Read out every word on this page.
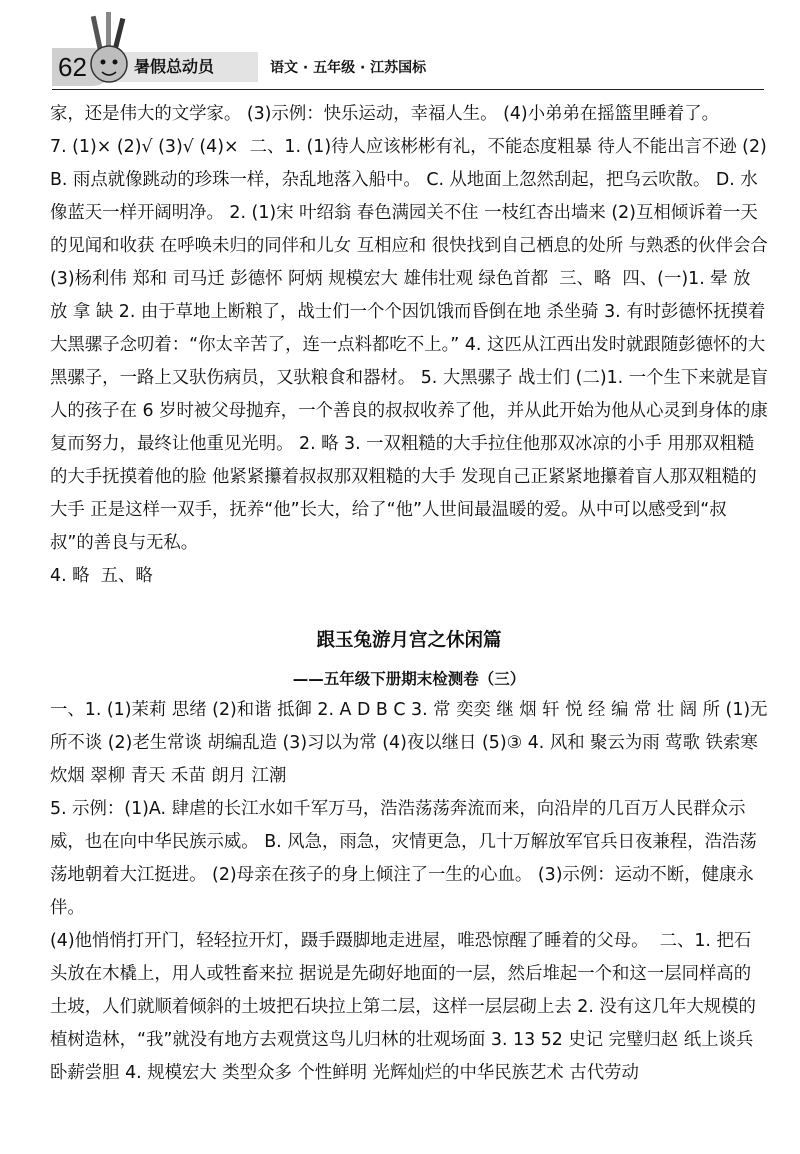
62	暑假总动员	语文 · 五年级 · 江苏国标

家，还是伟大的文学家。 (3)示例：快乐运动，幸福人生。 (4)小弟弟在摇篮里睡着了。
7. (1)× (2)√ (3)√ (4)×  二、1. (1)待人应该彬彬有礼，不能态度粗暴 待人不能出言不逊 (2)B. 雨点就像跳动的珍珠一样，杂乱地落入船中。 C. 从地面上忽然刮起，把乌云吹散。 D. 水像蓝天一样开阔明净。 2. (1)宋 叶绍翁 春色满园关不住 一枝红杏出墙来 (2)互相倾诉着一天的见闻和收获 在呼唤未归的同伴和儿女 互相应和 很快找到自己栖息的处所 与熟悉的伙伴会合 (3)杨利伟 郑和 司马迁 彭德怀 阿炳 规模宏大 雄伟壮观 绿色首都  三、略  四、(一)1. 晕 放 放 拿 缺 2. 由于草地上断粮了，战士们一个个因饥饿而昏倒在地 杀坐骑 3. 有时彭德怀抚摸着大黑骡子念叨着：“你太辛苦了，连一点料都吃不上。” 4. 这匹从江西出发时就跟随彭德怀的大黑骡子，一路上又驮伤病员，又驮粮食和器材。 5. 大黑骡子 战士们 (二)1. 一个生下来就是盲人的孩子在 6 岁时被父母抛弃，一个善良的叔叔收养了他，并从此开始为他从心灵到身体的康复而努力，最终让他重见光明。 2. 略 3. 一双粗糙的大手拉住他那双冰凉的小手 用那双粗糙的大手抚摸着他的脸 他紧紧攥着叔叔那双粗糙的大手 发现自己正紧紧地攥着盲人那双粗糙的大手 正是这样一双手，抚养“他”长大，给了“他”人世间最温暖的爱。从中可以感受到“叔叔”的善良与无私。
4. 略  五、略

跟玉兔游月宫之休闲篇
——五年级下册期末检测卷（三）

一、1. (1)茉莉 思绪 (2)和谐 抵御 2. A D B C 3. 常 奕奕 继 烟 轩 悦 经 编 常 壮 阔 所 (1)无所不谈 (2)老生常谈 胡编乱造 (3)习以为常 (4)夜以继日 (5)③ 4. 风和 聚云为雨 莺歌 铁索寒 炊烟 翠柳 青天 禾苗 朗月 江潮
5. 示例：(1)A. 肆虐的长江水如千军万马，浩浩荡荡奔流而来，向沿岸的几百万人民群众示威，也在向中华民族示威。 B. 风急，雨急，灾情更急，几十万解放军官兵日夜兼程，浩浩荡荡地朝着大江挺进。 (2)母亲在孩子的身上倾注了一生的心血。 (3)示例：运动不断，健康永伴。
(4)他悄悄打开门，轻轻拉开灯，蹑手蹑脚地走进屋，唯恐惊醒了睡着的父母。  二、1. 把石头放在木橇上，用人或牲畜来拉 据说是先砌好地面的一层，然后堆起一个和这一层同样高的土坡，人们就顺着倾斜的土坡把石块拉上第二层，这样一层层砌上去 2. 没有这几年大规模的植树造林，“我”就没有地方去观赏这鸟儿归林的壮观场面 3. 13 52 史记 完璧归赵 纸上谈兵 卧薪尝胆 4. 规模宏大 类型众多 个性鲜明 光辉灿烂的中华民族艺术 古代劳动
